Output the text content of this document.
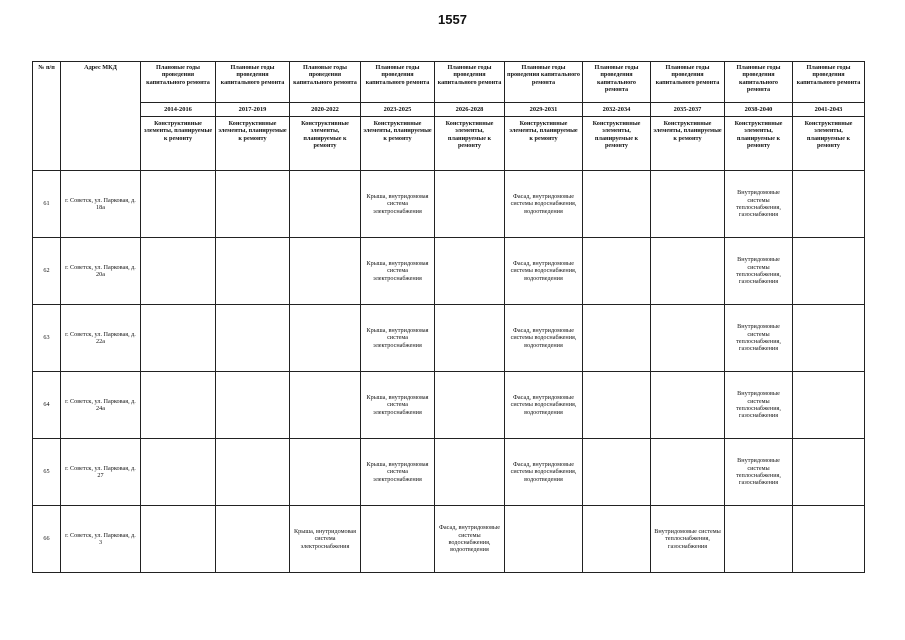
1557
№ п/п	Адрес МКД	Плановые годы проведения капитального ремонта	Плановые годы проведения капитального ремонта	Плановые годы проведения капитального ремонта	Плановые годы проведения капитального ремонта	Плановые годы проведения капитального ремонта	Плановые годы проведения капитального ремонта	Плановые годы проведения капитального ремонта	Плановые годы проведения капитального ремонта	Плановые годы проведения капитального ремонта	Плановые годы проведения капитального ремонта
		2014-2016	2017-2019	2020-2022	2023-2025	2026-2028	2029-2031	2032-2034	2035-2037	2038-2040	2041-2043
		Конструктивные элементы, планируемые к ремонту	Конструктивные элементы, планируемые к ремонту	Конструктивные элементы, планируемые к ремонту	Конструктивные элементы, планируемые к ремонту	Конструктивные элементы, планируемые к ремонту	Конструктивные элементы, планируемые к ремонту	Конструктивные элементы, планируемые к ремонту	Конструктивные элементы, планируемые к ремонту	Конструктивные элементы, планируемые к ремонту	Конструктивные элементы, планируемые к ремонту
61	г. Советск, ул. Парковая, д. 18а				Крыша, внутридомовая система электроснабжения		Фасад, внутридомовые системы водоснабжения, водоотведения			Внутридомовые системы теплоснабжения, газоснабжения	
62	г. Советск, ул. Парковая, д. 20а				Крыша, внутридомовая система электроснабжения		Фасад, внутридомовые системы водоснабжения, водоотведения			Внутридомовые системы теплоснабжения, газоснабжения	
63	г. Советск, ул. Парковая, д. 22а				Крыша, внутридомовая система электроснабжения		Фасад, внутридомовые системы водоснабжения, водоотведения			Внутридомовые системы теплоснабжения, газоснабжения	
64	г. Советск, ул. Парковая, д. 24а				Крыша, внутридомовая система электроснабжения		Фасад, внутридомовые системы водоснабжения, водоотведения			Внутридомовые системы теплоснабжения, газоснабжения	
65	г. Советск, ул. Парковая, д. 27				Крыша, внутридомовая система электроснабжения		Фасад, внутридомовые системы водоснабжения, водоотведения			Внутридомовые системы теплоснабжения, газоснабжения	
66	г. Советск, ул. Парковая, д. 3			Крыша, внутридомовая система электроснабжения		Фасад, внутридомовые системы водоснабжения, водоотведения			Внутридомовые системы теплоснабжения, газоснабжения		
